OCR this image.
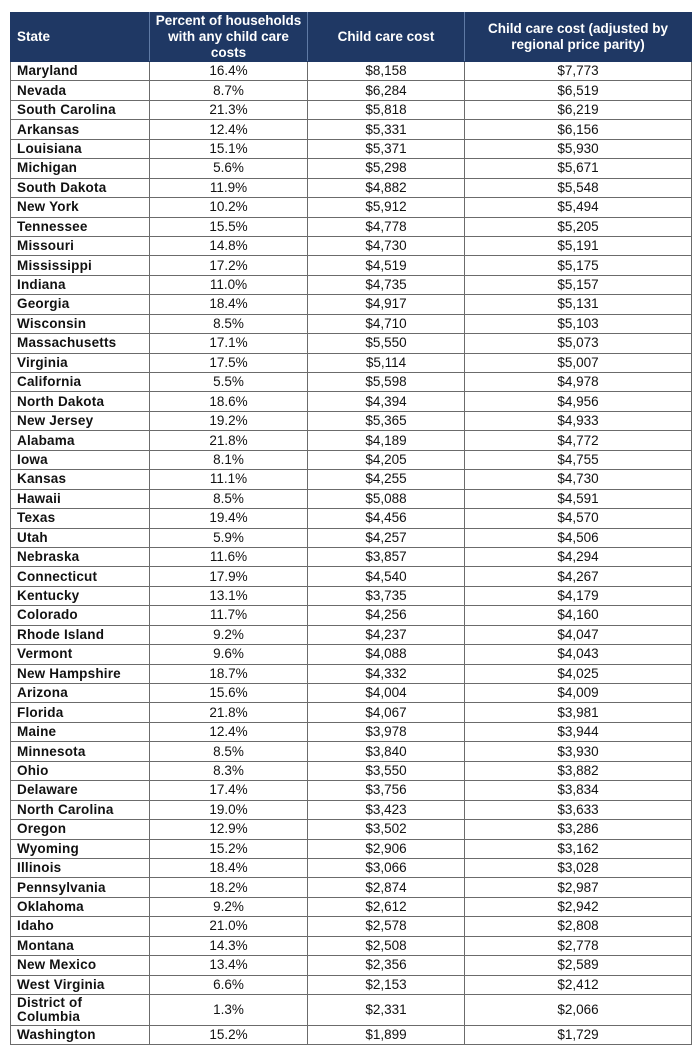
State	Percent of households with any child care costs	Child care cost	Child care cost (adjusted by regional price parity)
Maryland	16.4%	$8,158	$7,773
Nevada	8.7%	$6,284	$6,519
South Carolina	21.3%	$5,818	$6,219
Arkansas	12.4%	$5,331	$6,156
Louisiana	15.1%	$5,371	$5,930
Michigan	5.6%	$5,298	$5,671
South Dakota	11.9%	$4,882	$5,548
New York	10.2%	$5,912	$5,494
Tennessee	15.5%	$4,778	$5,205
Missouri	14.8%	$4,730	$5,191
Mississippi	17.2%	$4,519	$5,175
Indiana	11.0%	$4,735	$5,157
Georgia	18.4%	$4,917	$5,131
Wisconsin	8.5%	$4,710	$5,103
Massachusetts	17.1%	$5,550	$5,073
Virginia	17.5%	$5,114	$5,007
California	5.5%	$5,598	$4,978
North Dakota	18.6%	$4,394	$4,956
New Jersey	19.2%	$5,365	$4,933
Alabama	21.8%	$4,189	$4,772
Iowa	8.1%	$4,205	$4,755
Kansas	11.1%	$4,255	$4,730
Hawaii	8.5%	$5,088	$4,591
Texas	19.4%	$4,456	$4,570
Utah	5.9%	$4,257	$4,506
Nebraska	11.6%	$3,857	$4,294
Connecticut	17.9%	$4,540	$4,267
Kentucky	13.1%	$3,735	$4,179
Colorado	11.7%	$4,256	$4,160
Rhode Island	9.2%	$4,237	$4,047
Vermont	9.6%	$4,088	$4,043
New Hampshire	18.7%	$4,332	$4,025
Arizona	15.6%	$4,004	$4,009
Florida	21.8%	$4,067	$3,981
Maine	12.4%	$3,978	$3,944
Minnesota	8.5%	$3,840	$3,930
Ohio	8.3%	$3,550	$3,882
Delaware	17.4%	$3,756	$3,834
North Carolina	19.0%	$3,423	$3,633
Oregon	12.9%	$3,502	$3,286
Wyoming	15.2%	$2,906	$3,162
Illinois	18.4%	$3,066	$3,028
Pennsylvania	18.2%	$2,874	$2,987
Oklahoma	9.2%	$2,612	$2,942
Idaho	21.0%	$2,578	$2,808
Montana	14.3%	$2,508	$2,778
New Mexico	13.4%	$2,356	$2,589
West Virginia	6.6%	$2,153	$2,412
District of Columbia	1.3%	$2,331	$2,066
Washington	15.2%	$1,899	$1,729
